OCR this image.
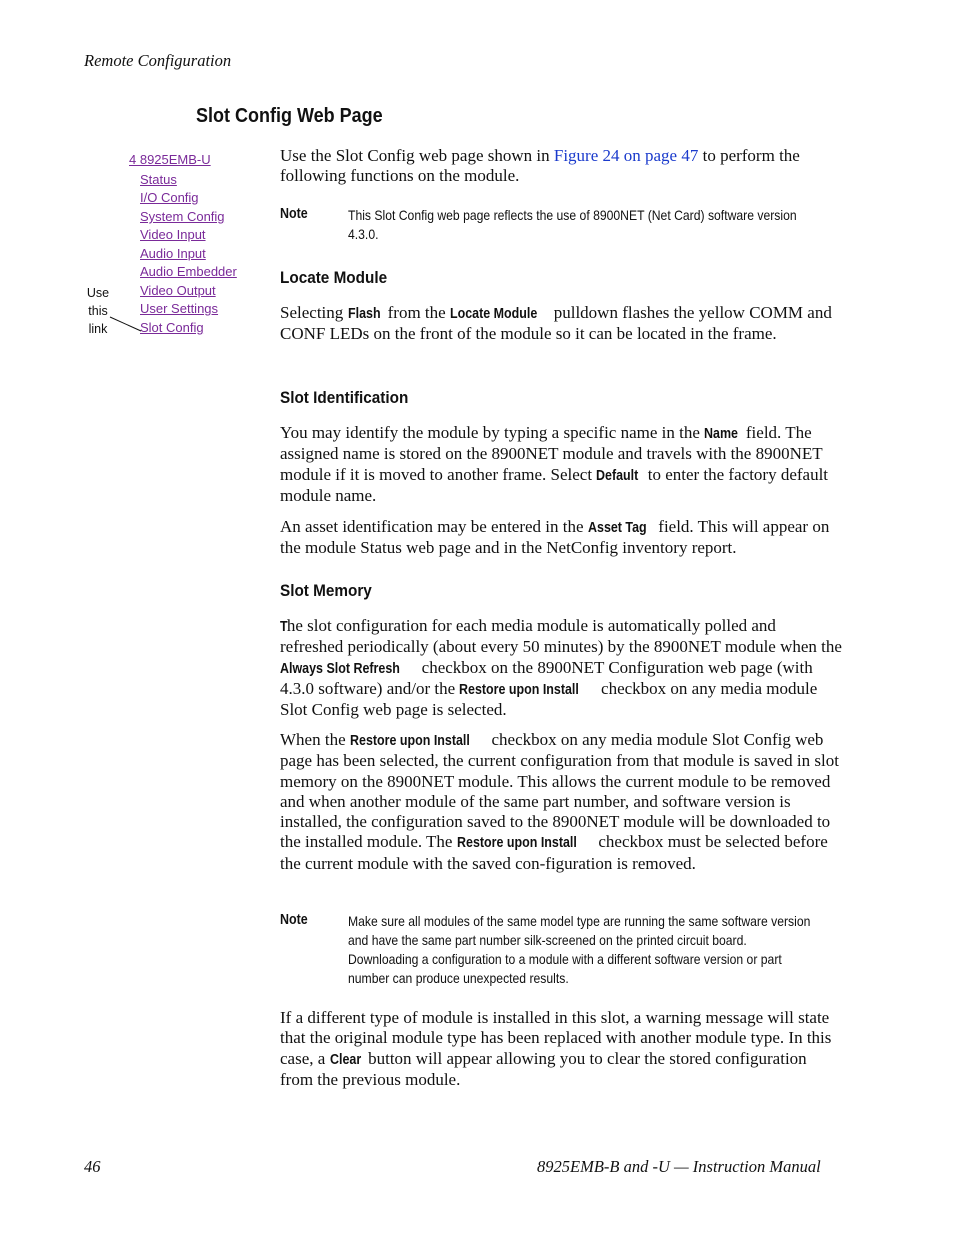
Remote Configuration
Slot Config Web Page
4 8925EMB-U
Status
I/O Config
System Config
Video Input
Audio Input
Audio Embedder
Video Output
User Settings
Slot Config
Use
this
link

Use the Slot Config web page shown in Figure 24 on page 47 to perform the following functions on the module.

Note	This Slot Config web page reflects the use of 8900NET (Net Card) software version 4.3.0.
Locate Module

Selecting Flash from the Locate Module pulldown flashes the yellow COMM and CONF LEDs on the front of the module so it can be located in the frame.

Slot Identification

You may identify the module by typing a specific name in the Name field. The assigned name is stored on the 8900NET module and travels with the 8900NET module if it is moved to another frame. Select Default to enter the factory default module name.

An asset identification may be entered in the Asset Tag field. This will appear on the module Status web page and in the NetConfig inventory report.

Slot Memory

The slot configuration for each media module is automatically polled and refreshed periodically (about every 50 minutes) by the 8900NET module when the Always Slot Refresh checkbox on the 8900NET Configuration web page (with 4.3.0 software) and/or the Restore upon Install checkbox on any media module Slot Config web page is selected.

When the Restore upon Install checkbox on any media module Slot Config web page has been selected, the current configuration from that module is saved in slot memory on the 8900NET module. This allows the current module to be removed and when another module of the same part number, and software version is installed, the configuration saved to the 8900NET module will be downloaded to the installed module. The Restore upon Install checkbox must be selected before the current module with the saved con-figuration is removed.

Note	Make sure all modules of the same model type are running the same software version and have the same part number silk-screened on the printed circuit board. Downloading a configuration to a module with a different software version or part number can produce unexpected results.

If a different type of module is installed in this slot, a warning message will state that the original module type has been replaced with another module type. In this case, a Clear button will appear allowing you to clear the stored configuration from the previous module.

46	8925EMB-B and -U — Instruction Manual
